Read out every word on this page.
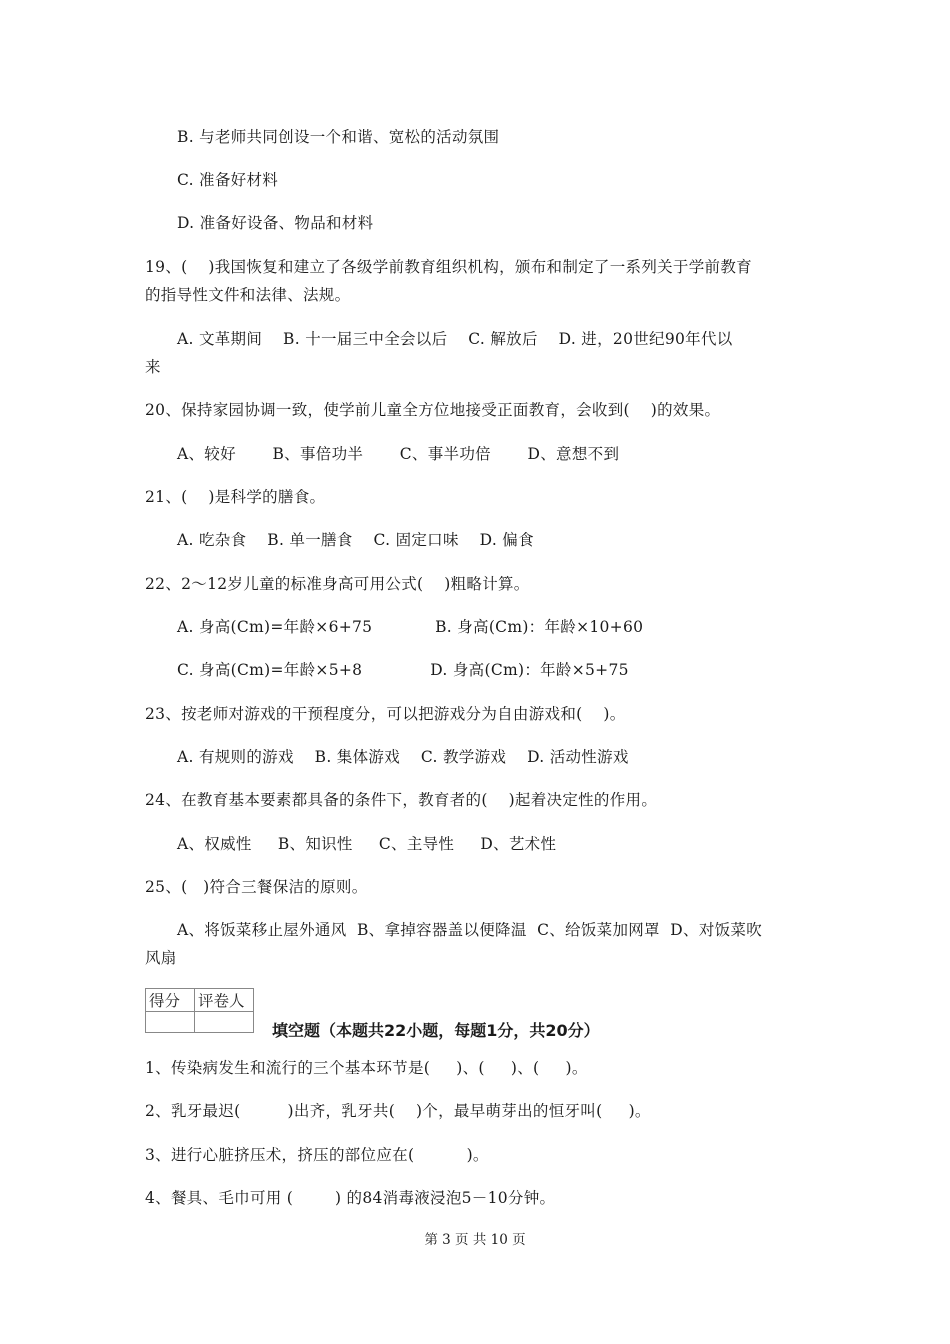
B. 与老师共同创设一个和谐、宽松的活动氛围
C. 准备好材料
D. 准备好设备、物品和材料
19、(    )我国恢复和建立了各级学前教育组织机构，颁布和制定了一系列关于学前教育
的指导性文件和法律、法规。
A. 文革期间    B. 十一届三中全会以后    C. 解放后    D. 进，20世纪90年代以
来
20、保持家园协调一致，使学前儿童全方位地接受正面教育，会收到(    )的效果。
A、较好       B、事倍功半       C、事半功倍       D、意想不到
21、(    )是科学的膳食。
A. 吃杂食    B. 单一膳食    C. 固定口味    D. 偏食
22、2～12岁儿童的标准身高可用公式(    )粗略计算。
A. 身高(Cm)=年龄×6+75            B. 身高(Cm)：年龄×10+60
C. 身高(Cm)=年龄×5+8             D. 身高(Cm)：年龄×5+75
23、按老师对游戏的干预程度分，可以把游戏分为自由游戏和(    )。
A. 有规则的游戏    B. 集体游戏    C. 教学游戏    D. 活动性游戏
24、在教育基本要素都具备的条件下，教育者的(    )起着决定性的作用。
A、权威性     B、知识性     C、主导性     D、艺术性
25、(   )符合三餐保洁的原则。
A、将饭菜移止屋外通风  B、拿掉容器盖以便降温  C、给饭菜加网罩  D、对饭菜吹
风扇
得分	评卷人

填空题（本题共22小题，每题1分，共20分）
1、传染病发生和流行的三个基本环节是(     )、(     )、(     )。
2、乳牙最迟(         )出齐，乳牙共(    )个，最早萌芽出的恒牙叫(     )。
3、进行心脏挤压术，挤压的部位应在(          )。
4、餐具、毛巾可用 (        ) 的84消毒液浸泡5－10分钟。
第 3 页 共 10 页
